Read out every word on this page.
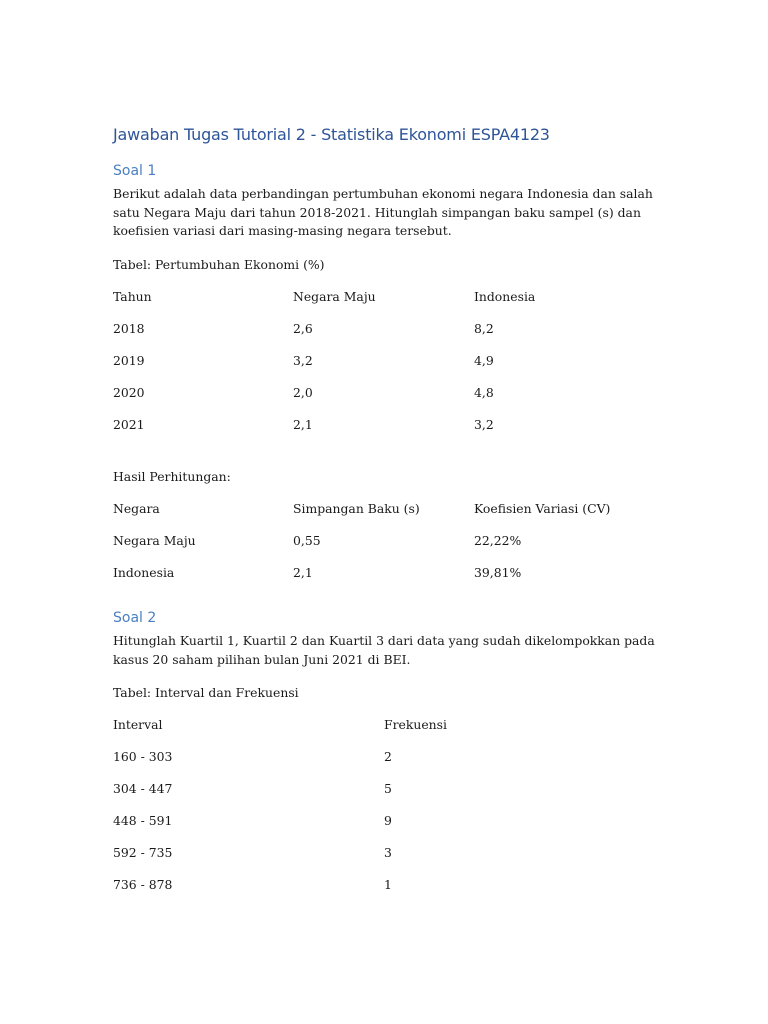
Jawaban Tugas Tutorial 2 - Statistika Ekonomi ESPA4123
Soal 1
Berikut adalah data perbandingan pertumbuhan ekonomi negara Indonesia dan salah satu Negara Maju dari tahun 2018-2021. Hitunglah simpangan baku sampel (s) dan koefisien variasi dari masing-masing negara tersebut.
Tabel: Pertumbuhan Ekonomi (%)
Tahun	Negara Maju	Indonesia
2018	2,6	8,2
2019	3,2	4,9
2020	2,0	4,8
2021	2,1	3,2
Hasil Perhitungan:
Negara	Simpangan Baku (s)	Koefisien Variasi (CV)
Negara Maju	0,55	22,22%
Indonesia	2,1	39,81%
Soal 2
Hitunglah Kuartil 1, Kuartil 2 dan Kuartil 3 dari data yang sudah dikelompokkan pada kasus 20 saham pilihan bulan Juni 2021 di BEI.
Tabel: Interval dan Frekuensi
Interval	Frekuensi
160 - 303	2
304 - 447	5
448 - 591	9
592 - 735	3
736 - 878	1
